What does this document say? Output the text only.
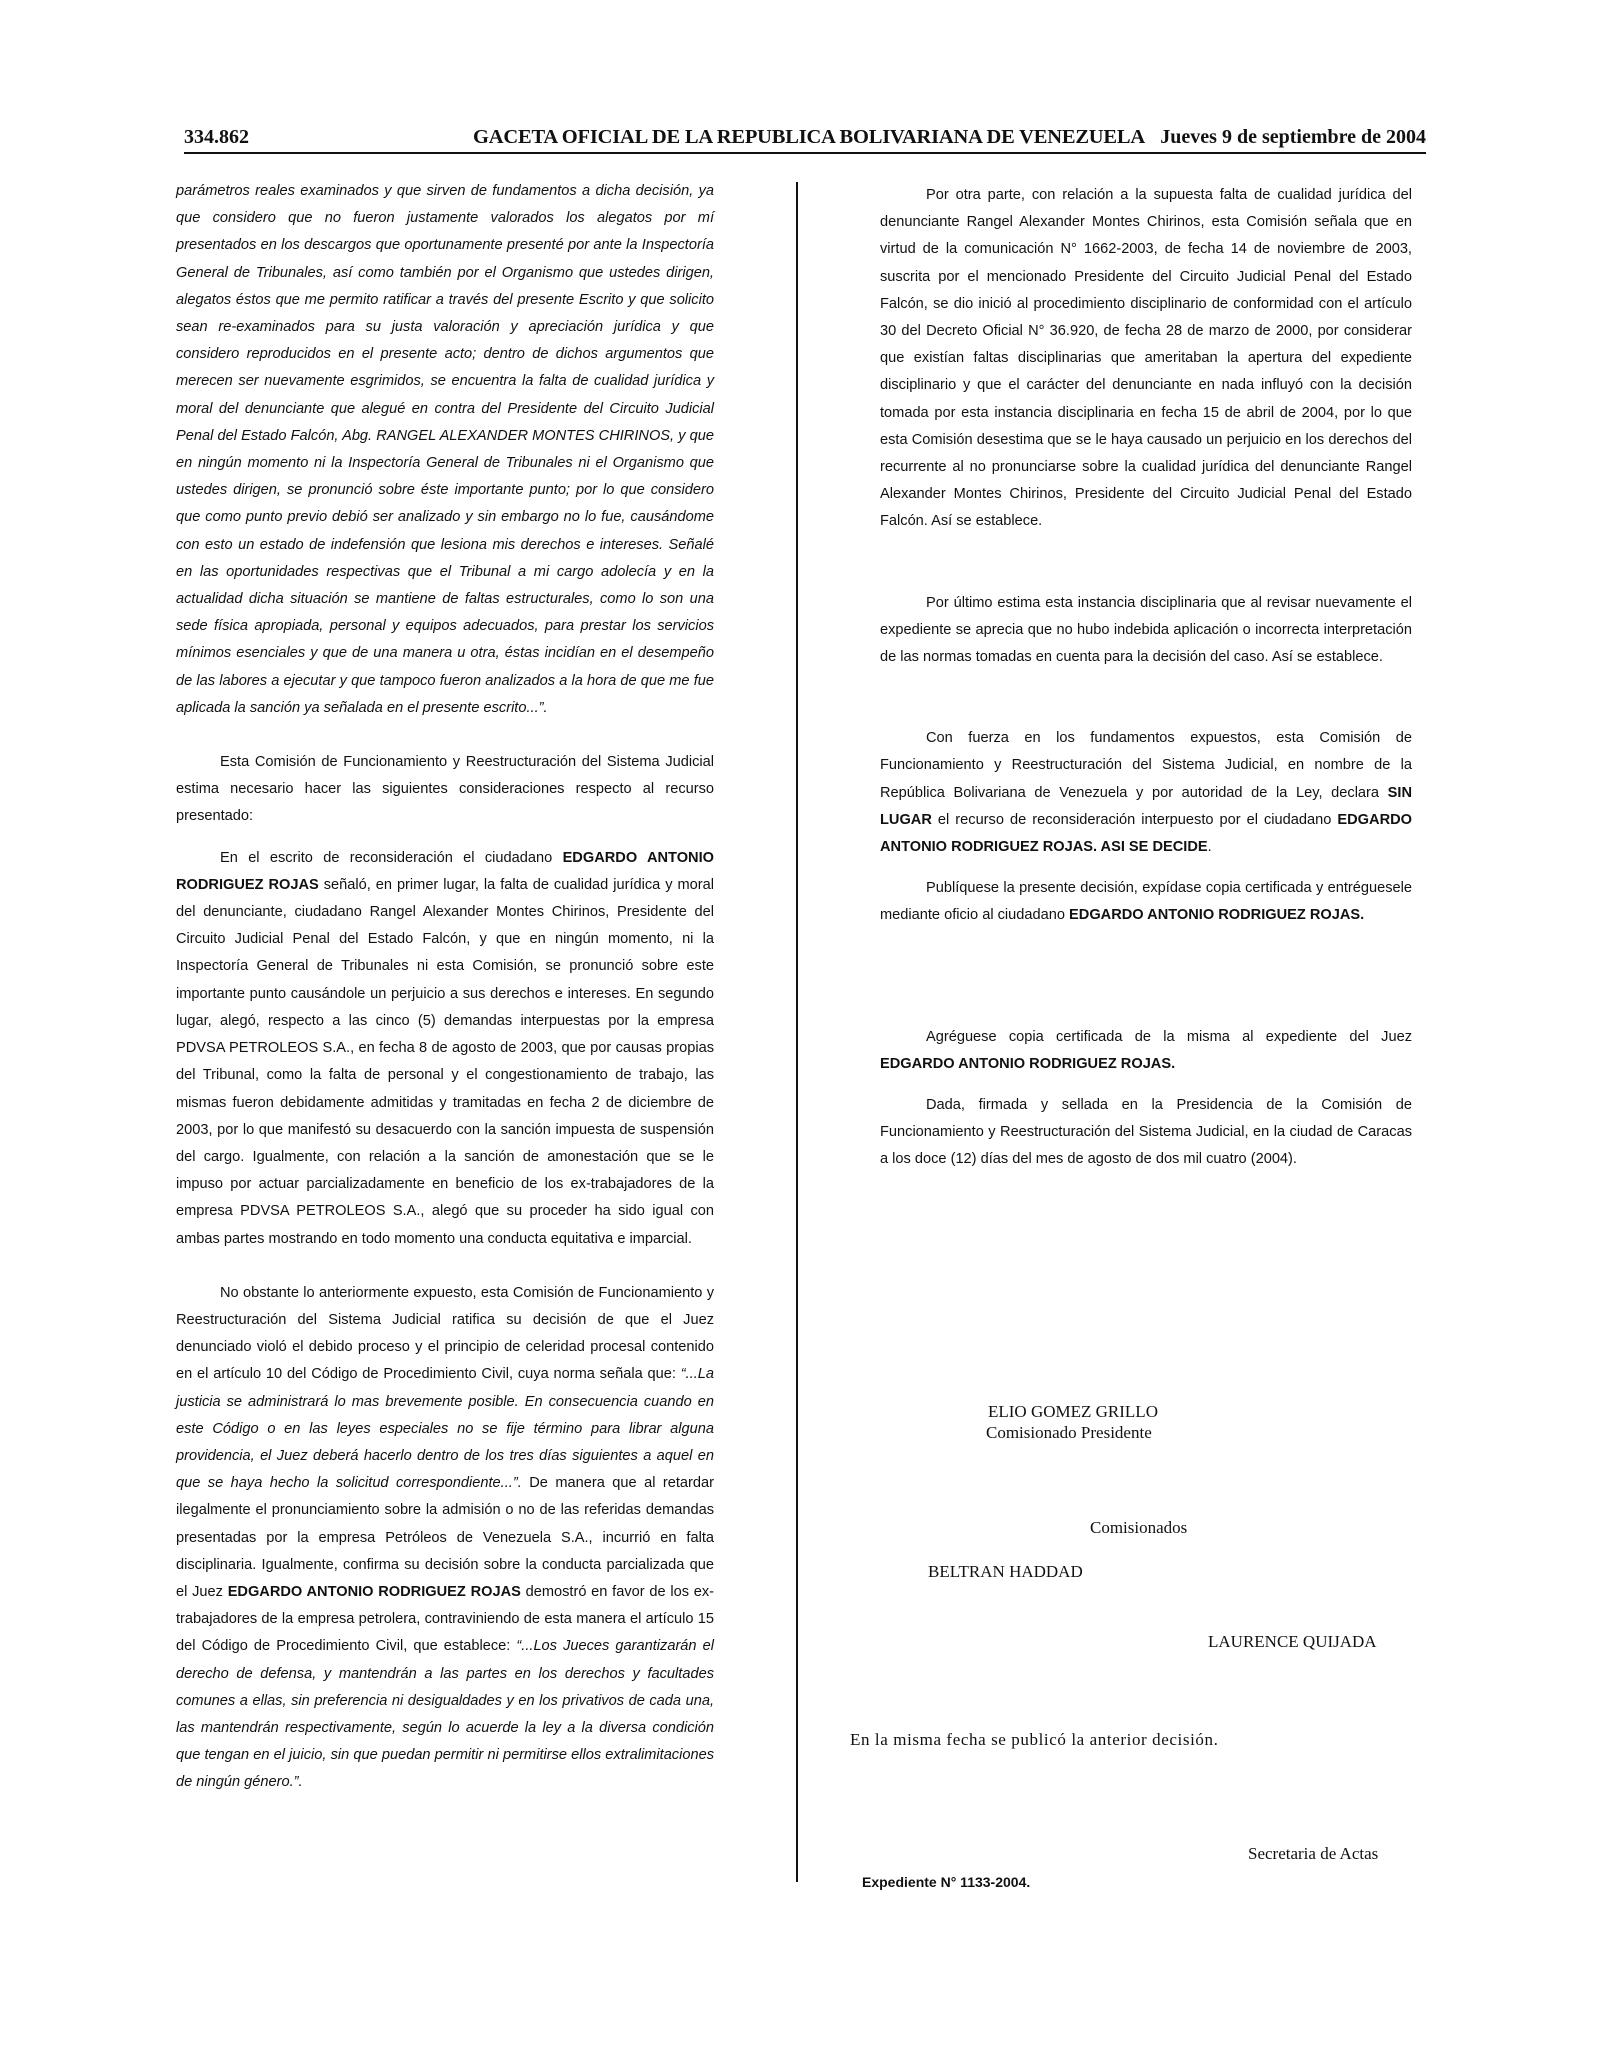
334.862	GACETA OFICIAL DE LA REPUBLICA BOLIVARIANA DE VENEZUELA Jueves 9 de septiembre de 2004

parámetros reales examinados y que sirven de fundamentos a dicha decisión, ya que considero que no fueron justamente valorados los alegatos por mí presentados en los descargos que oportunamente presenté por ante la Inspectoría General de Tribunales, así como también por el Organismo que ustedes dirigen, alegatos éstos que me permito ratificar a través del presente Escrito y que solicito sean re-examinados para su justa valoración y apreciación jurídica y que considero reproducidos en el presente acto; dentro de dichos argumentos que merecen ser nuevamente esgrimidos, se encuentra la falta de cualidad jurídica y moral del denunciante que alegué en contra del Presidente del Circuito Judicial Penal del Estado Falcón, Abg. RANGEL ALEXANDER MONTES CHIRINOS, y que en ningún momento ni la Inspectoría General de Tribunales ni el Organismo que ustedes dirigen, se pronunció sobre éste importante punto; por lo que considero que como punto previo debió ser analizado y sin embargo no lo fue, causándome con esto un estado de indefensión que lesiona mis derechos e intereses. Señalé en las oportunidades respectivas que el Tribunal a mi cargo adolecía y en la actualidad dicha situación se mantiene de faltas estructurales, como lo son una sede física apropiada, personal y equipos adecuados, para prestar los servicios mínimos esenciales y que de una manera u otra, éstas incidían en el desempeño de las labores a ejecutar y que tampoco fueron analizados a la hora de que me fue aplicada la sanción ya señalada en el presente escrito...”.

Esta Comisión de Funcionamiento y Reestructuración del Sistema Judicial estima necesario hacer las siguientes consideraciones respecto al recurso presentado:

En el escrito de reconsideración el ciudadano EDGARDO ANTONIO RODRIGUEZ ROJAS señaló, en primer lugar, la falta de cualidad jurídica y moral del denunciante, ciudadano Rangel Alexander Montes Chirinos, Presidente del Circuito Judicial Penal del Estado Falcón, y que en ningún momento, ni la Inspectoría General de Tribunales ni esta Comisión, se pronunció sobre este importante punto causándole un perjuicio a sus derechos e intereses. En segundo lugar, alegó, respecto a las cinco (5) demandas interpuestas por la empresa PDVSA PETROLEOS S.A., en fecha 8 de agosto de 2003, que por causas propias del Tribunal, como la falta de personal y el congestionamiento de trabajo, las mismas fueron debidamente admitidas y tramitadas en fecha 2 de diciembre de 2003, por lo que manifestó su desacuerdo con la sanción impuesta de suspensión del cargo. Igualmente, con relación a la sanción de amonestación que se le impuso por actuar parcializadamente en beneficio de los ex-trabajadores de la empresa PDVSA PETROLEOS S.A., alegó que su proceder ha sido igual con ambas partes mostrando en todo momento una conducta equitativa e imparcial.

No obstante lo anteriormente expuesto, esta Comisión de Funcionamiento y Reestructuración del Sistema Judicial ratifica su decisión de que el Juez denunciado violó el debido proceso y el principio de celeridad procesal contenido en el artículo 10 del Código de Procedimiento Civil, cuya norma señala que: “...La justicia se administrará lo mas brevemente posible. En consecuencia cuando en este Código o en las leyes especiales no se fije término para librar alguna providencia, el Juez deberá hacerlo dentro de los tres días siguientes a aquel en que se haya hecho la solicitud correspondiente...”. De manera que al retardar ilegalmente el pronunciamiento sobre la admisión o no de las referidas demandas presentadas por la empresa Petróleos de Venezuela S.A., incurrió en falta disciplinaria. Igualmente, confirma su decisión sobre la conducta parcializada que el Juez EDGARDO ANTONIO RODRIGUEZ ROJAS demostró en favor de los ex-trabajadores de la empresa petrolera, contraviniendo de esta manera el artículo 15 del Código de Procedimiento Civil, que establece: “...Los Jueces garantizarán el derecho de defensa, y mantendrán a las partes en los derechos y facultades comunes a ellas, sin preferencia ni desigualdades y en los privativos de cada una, las mantendrán respectivamente, según lo acuerde la ley a la diversa condición que tengan en el juicio, sin que puedan permitir ni permitirse ellos extralimitaciones de ningún género.”.

Por otra parte, con relación a la supuesta falta de cualidad jurídica del denunciante Rangel Alexander Montes Chirinos, esta Comisión señala que en virtud de la comunicación N° 1662-2003, de fecha 14 de noviembre de 2003, suscrita por el mencionado Presidente del Circuito Judicial Penal del Estado Falcón, se dio inició al procedimiento disciplinario de conformidad con el artículo 30 del Decreto Oficial N° 36.920, de fecha 28 de marzo de 2000, por considerar que existían faltas disciplinarias que ameritaban la apertura del expediente disciplinario y que el carácter del denunciante en nada influyó con la decisión tomada por esta instancia disciplinaria en fecha 15 de abril de 2004, por lo que esta Comisión desestima que se le haya causado un perjuicio en los derechos del recurrente al no pronunciarse sobre la cualidad jurídica del denunciante Rangel Alexander Montes Chirinos, Presidente del Circuito Judicial Penal del Estado Falcón. Así se establece.

Por último estima esta instancia disciplinaria que al revisar nuevamente el expediente se aprecia que no hubo indebida aplicación o incorrecta interpretación de las normas tomadas en cuenta para la decisión del caso. Así se establece.

Con fuerza en los fundamentos expuestos, esta Comisión de Funcionamiento y Reestructuración del Sistema Judicial, en nombre de la República Bolivariana de Venezuela y por autoridad de la Ley, declara SIN LUGAR el recurso de reconsideración interpuesto por el ciudadano EDGARDO ANTONIO RODRIGUEZ ROJAS. ASI SE DECIDE.

Publíquese la presente decisión, expídase copia certificada y entréguesele mediante oficio al ciudadano EDGARDO ANTONIO RODRIGUEZ ROJAS.

Agréguese copia certificada de la misma al expediente del Juez EDGARDO ANTONIO RODRIGUEZ ROJAS.

Dada, firmada y sellada en la Presidencia de la Comisión de Funcionamiento y Reestructuración del Sistema Judicial, en la ciudad de Caracas a los doce (12) días del mes de agosto de dos mil cuatro (2004).

ELIO GOMEZ GRILLO
Comisionado Presidente
Comisionados
BELTRAN HADDAD
LAURENCE QUIJADA
En la misma fecha se publicó la anterior decisión.
Secretaria de Actas
Expediente N° 1133-2004.
